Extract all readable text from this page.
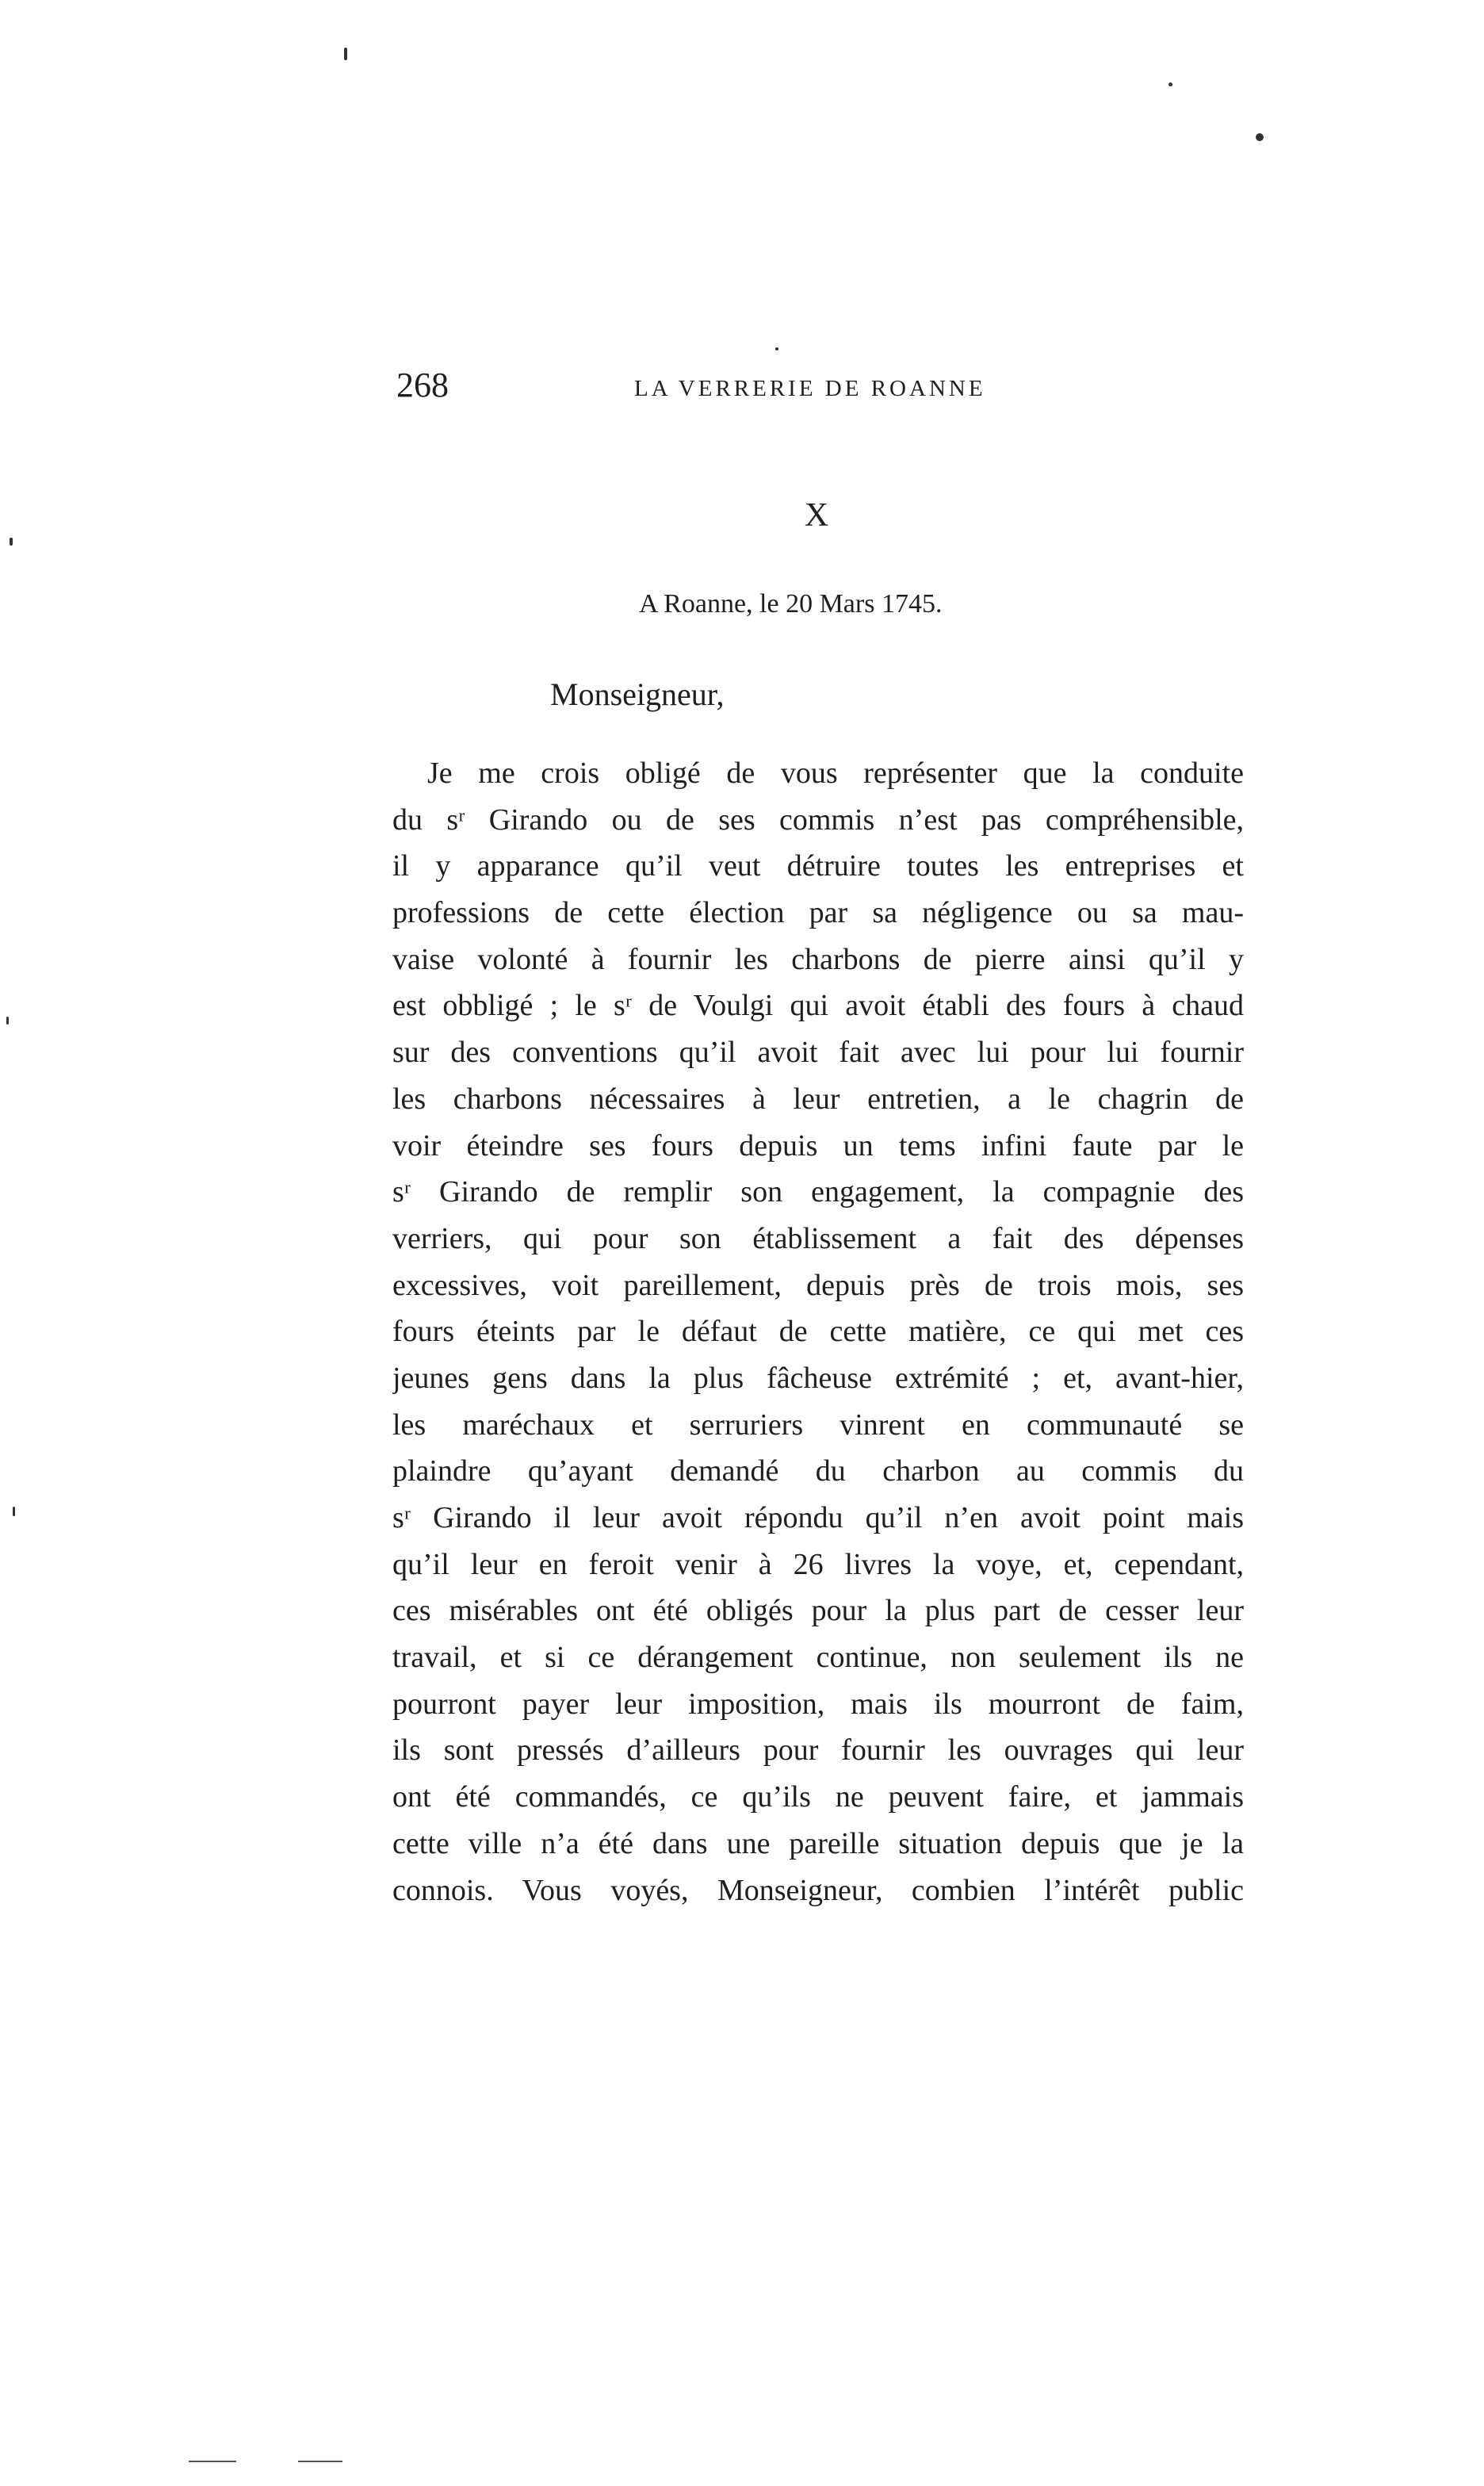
268	LA VERRERIE DE ROANNE
X
A Roanne, le 20 Mars 1745.
Monseigneur,

Je me crois obligé de vous représenter que la conduite
du sʳ Girando ou de ses commis n’est pas compréhensible,
il y apparance qu’il veut détruire toutes les entreprises et
professions de cette élection par sa négligence ou sa mau-
vaise volonté à fournir les charbons de pierre ainsi qu’il y
est obbligé ; le sʳ de Voulgi qui avoit établi des fours à chaud
sur des conventions qu’il avoit fait avec lui pour lui fournir
les charbons nécessaires à leur entretien, a le chagrin de
voir éteindre ses fours depuis un tems infini faute par le
sʳ Girando de remplir son engagement, la compagnie des
verriers, qui pour son établissement a fait des dépenses
excessives, voit pareillement, depuis près de trois mois, ses
fours éteints par le défaut de cette matière, ce qui met ces
jeunes gens dans la plus fâcheuse extrémité ; et, avant-hier,
les maréchaux et serruriers vinrent en communauté se
plaindre qu’ayant demandé du charbon au commis du
sʳ Girando il leur avoit répondu qu’il n’en avoit point mais
qu’il leur en feroit venir à 26 livres la voye, et, cependant,
ces misérables ont été obligés pour la plus part de cesser leur
travail, et si ce dérangement continue, non seulement ils ne
pourront payer leur imposition, mais ils mourront de faim,
ils sont pressés d’ailleurs pour fournir les ouvrages qui leur
ont été commandés, ce qu’ils ne peuvent faire, et jammais
cette ville n’a été dans une pareille situation depuis que je la
connois. Vous voyés, Monseigneur, combien l’intérêt public
